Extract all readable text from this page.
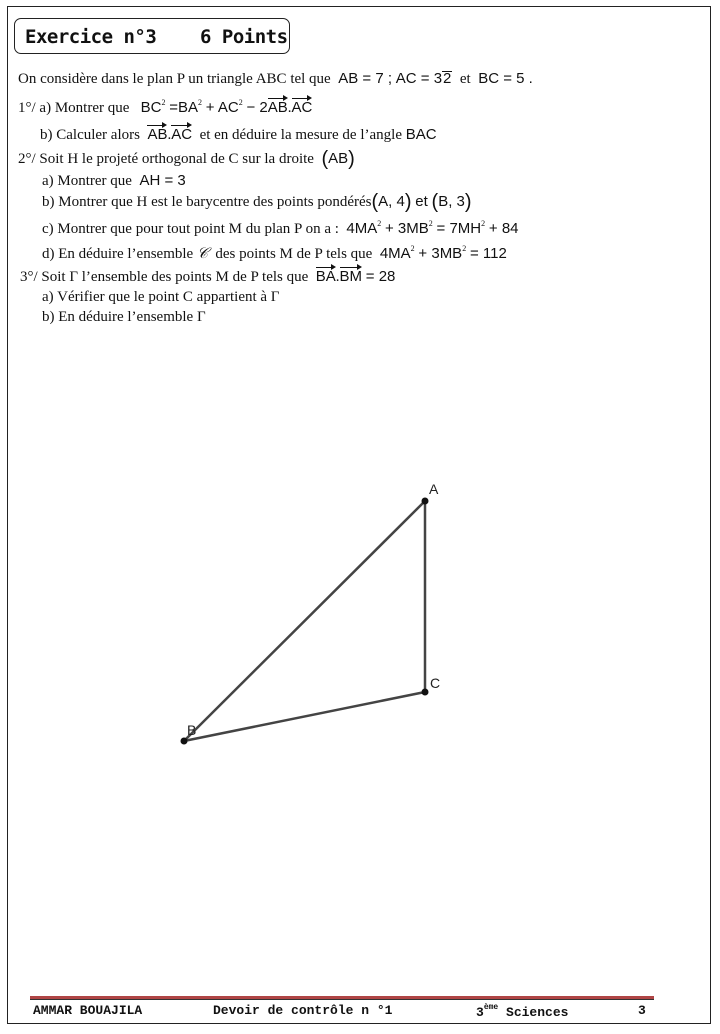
Exercice n°3 6 Points
On considère dans le plan P un triangle ABC tel que AB = 7 ; AC = 32 et BC = 5 .
1°/ a) Montrer que $BC^2 =BA^2 + AC^2 - 2AB.AC$
b) Calculer alors AB.AC et en déduire la mesure de l’angle BAC
2°/ Soit H le projeté orthogonal de C sur la droite (AB)
a) Montrer que AH = 3
b) Montrer que H est le barycentre des points pondérés(A, 4) et (B, 3)
c) Montrer que pour tout point M du plan P on a : $4MA^2 + 3MB^2 = 7MH^2 + 84$
d) En déduire l’ensemble 𝒞 des points M de P tels que $4MA^2 + 3MB^2 = 112$
3°/ Soit Γ l’ensemble des points M de P tels que BA.BM = 28
a) Vérifier que le point C appartient à Γ
b) En déduire l’ensemble Γ
A
C
B
AMMAR BOUAJILA	Devoir de contrôle n °1	3ème Sciences	3
